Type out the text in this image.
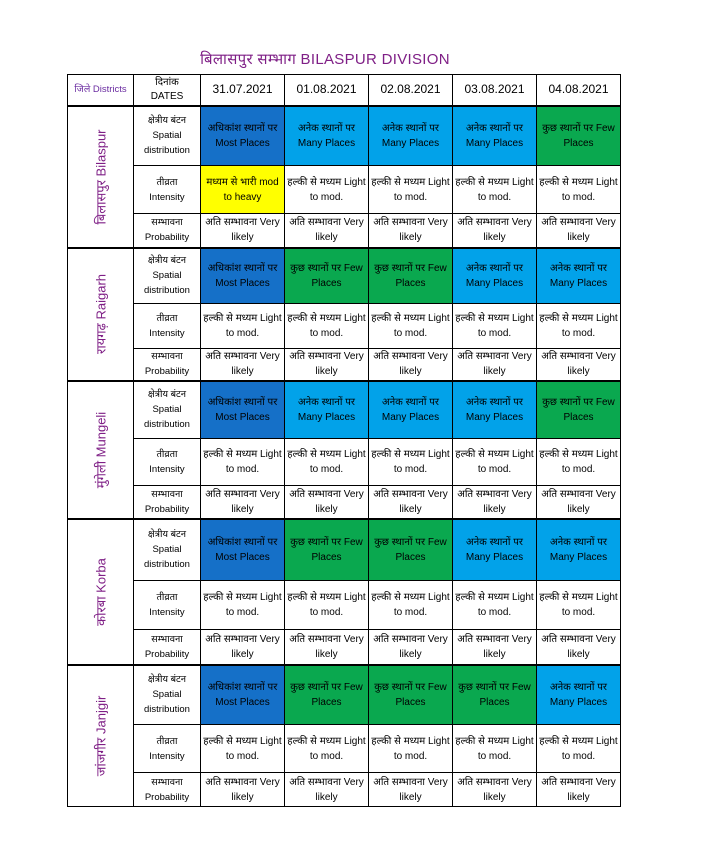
बिलासपुर सम्भाग BILASPUR DIVISION
जिले Districts	दिनांक
DATES	31.07.2021	01.08.2021	02.08.2021	03.08.2021	04.08.2021

बिलासपुर Bilaspur	क्षेत्रीय बंटन
Spatial
distribution	अधिकांश स्थानों पर Most Places	अनेक स्थानों पर Many Places	अनेक स्थानों पर Many Places	अनेक स्थानों पर Many Places	कुछ स्थानों पर Few Places

	तीव्रता
Intensity	मध्यम से भारी mod to heavy	हल्की से मध्यम Light to mod.	हल्की से मध्यम Light to mod.	हल्की से मध्यम Light to mod.	हल्की से मध्यम Light to mod.

	सम्भावना
Probability	अति सम्भावना Very likely	अति सम्भावना Very likely	अति सम्भावना Very likely	अति सम्भावना Very likely	अति सम्भावना Very likely

रायगढ़ Raigarh	क्षेत्रीय बंटन
Spatial
distribution	अधिकांश स्थानों पर Most Places	कुछ स्थानों पर Few Places	कुछ स्थानों पर Few Places	अनेक स्थानों पर Many Places	अनेक स्थानों पर Many Places

	तीव्रता
Intensity	हल्की से मध्यम Light to mod.	हल्की से मध्यम Light to mod.	हल्की से मध्यम Light to mod.	हल्की से मध्यम Light to mod.	हल्की से मध्यम Light to mod.

	सम्भावना
Probability	अति सम्भावना Very likely	अति सम्भावना Very likely	अति सम्भावना Very likely	अति सम्भावना Very likely	अति सम्भावना Very likely

मुंगेली Mungeli	क्षेत्रीय बंटन
Spatial
distribution	अधिकांश स्थानों पर Most Places	अनेक स्थानों पर Many Places	अनेक स्थानों पर Many Places	अनेक स्थानों पर Many Places	कुछ स्थानों पर Few Places

	तीव्रता
Intensity	हल्की से मध्यम Light to mod.	हल्की से मध्यम Light to mod.	हल्की से मध्यम Light to mod.	हल्की से मध्यम Light to mod.	हल्की से मध्यम Light to mod.

	सम्भावना
Probability	अति सम्भावना Very likely	अति सम्भावना Very likely	अति सम्भावना Very likely	अति सम्भावना Very likely	अति सम्भावना Very likely

कोरबा Korba	क्षेत्रीय बंटन
Spatial
distribution	अधिकांश स्थानों पर Most Places	कुछ स्थानों पर Few Places	कुछ स्थानों पर Few Places	अनेक स्थानों पर Many Places	अनेक स्थानों पर Many Places

	तीव्रता
Intensity	हल्की से मध्यम Light to mod.	हल्की से मध्यम Light to mod.	हल्की से मध्यम Light to mod.	हल्की से मध्यम Light to mod.	हल्की से मध्यम Light to mod.

	सम्भावना
Probability	अति सम्भावना Very likely	अति सम्भावना Very likely	अति सम्भावना Very likely	अति सम्भावना Very likely	अति सम्भावना Very likely

जांजगीर Janjgir	क्षेत्रीय बंटन
Spatial
distribution	अधिकांश स्थानों पर Most Places	कुछ स्थानों पर Few Places	कुछ स्थानों पर Few Places	कुछ स्थानों पर Few Places	अनेक स्थानों पर Many Places

	तीव्रता
Intensity	हल्की से मध्यम Light to mod.	हल्की से मध्यम Light to mod.	हल्की से मध्यम Light to mod.	हल्की से मध्यम Light to mod.	हल्की से मध्यम Light to mod.

	सम्भावना
Probability	अति सम्भावना Very likely	अति सम्भावना Very likely	अति सम्भावना Very likely	अति सम्भावना Very likely	अति सम्भावना Very likely
